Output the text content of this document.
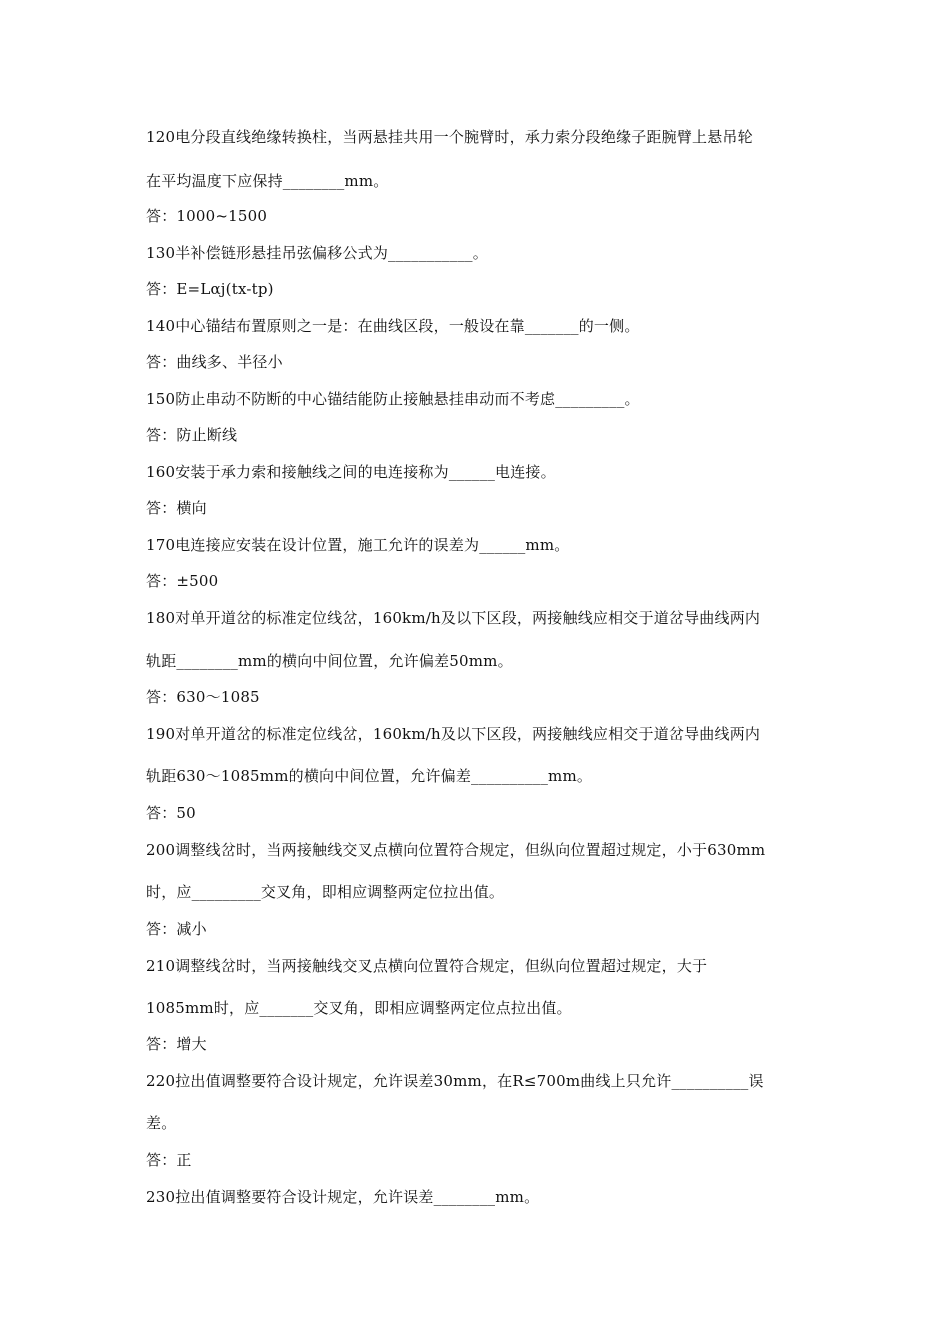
120电分段直线绝缘转换柱，当两悬挂共用一个腕臂时，承力索分段绝缘子距腕臂上悬吊轮
在平均温度下应保持________mm。
答：1000~1500
130半补偿链形悬挂吊弦偏移公式为___________。
答：E=Lαj(tx-tp)
140中心锚结布置原则之一是：在曲线区段，一般设在靠_______的一侧。
答：曲线多、半径小
150防止串动不防断的中心锚结能防止接触悬挂串动而不考虑_________。
答：防止断线
160安装于承力索和接触线之间的电连接称为______电连接。
答：横向
170电连接应安装在设计位置，施工允许的误差为______mm。
答：±500
180对单开道岔的标准定位线岔，160km/h及以下区段，两接触线应相交于道岔导曲线两内
轨距________mm的横向中间位置，允许偏差50mm。
答：630～1085
190对单开道岔的标准定位线岔，160km/h及以下区段，两接触线应相交于道岔导曲线两内
轨距630～1085mm的横向中间位置，允许偏差__________mm。
答：50
200调整线岔时，当两接触线交叉点横向位置符合规定，但纵向位置超过规定，小于630mm
时，应_________交叉角，即相应调整两定位拉出值。
答：减小
210调整线岔时，当两接触线交叉点横向位置符合规定，但纵向位置超过规定，大于
1085mm时，应_______交叉角，即相应调整两定位点拉出值。
答：增大
220拉出值调整要符合设计规定，允许误差30mm，在R≤700m曲线上只允许__________误
差。
答：正
230拉出值调整要符合设计规定，允许误差________mm。
